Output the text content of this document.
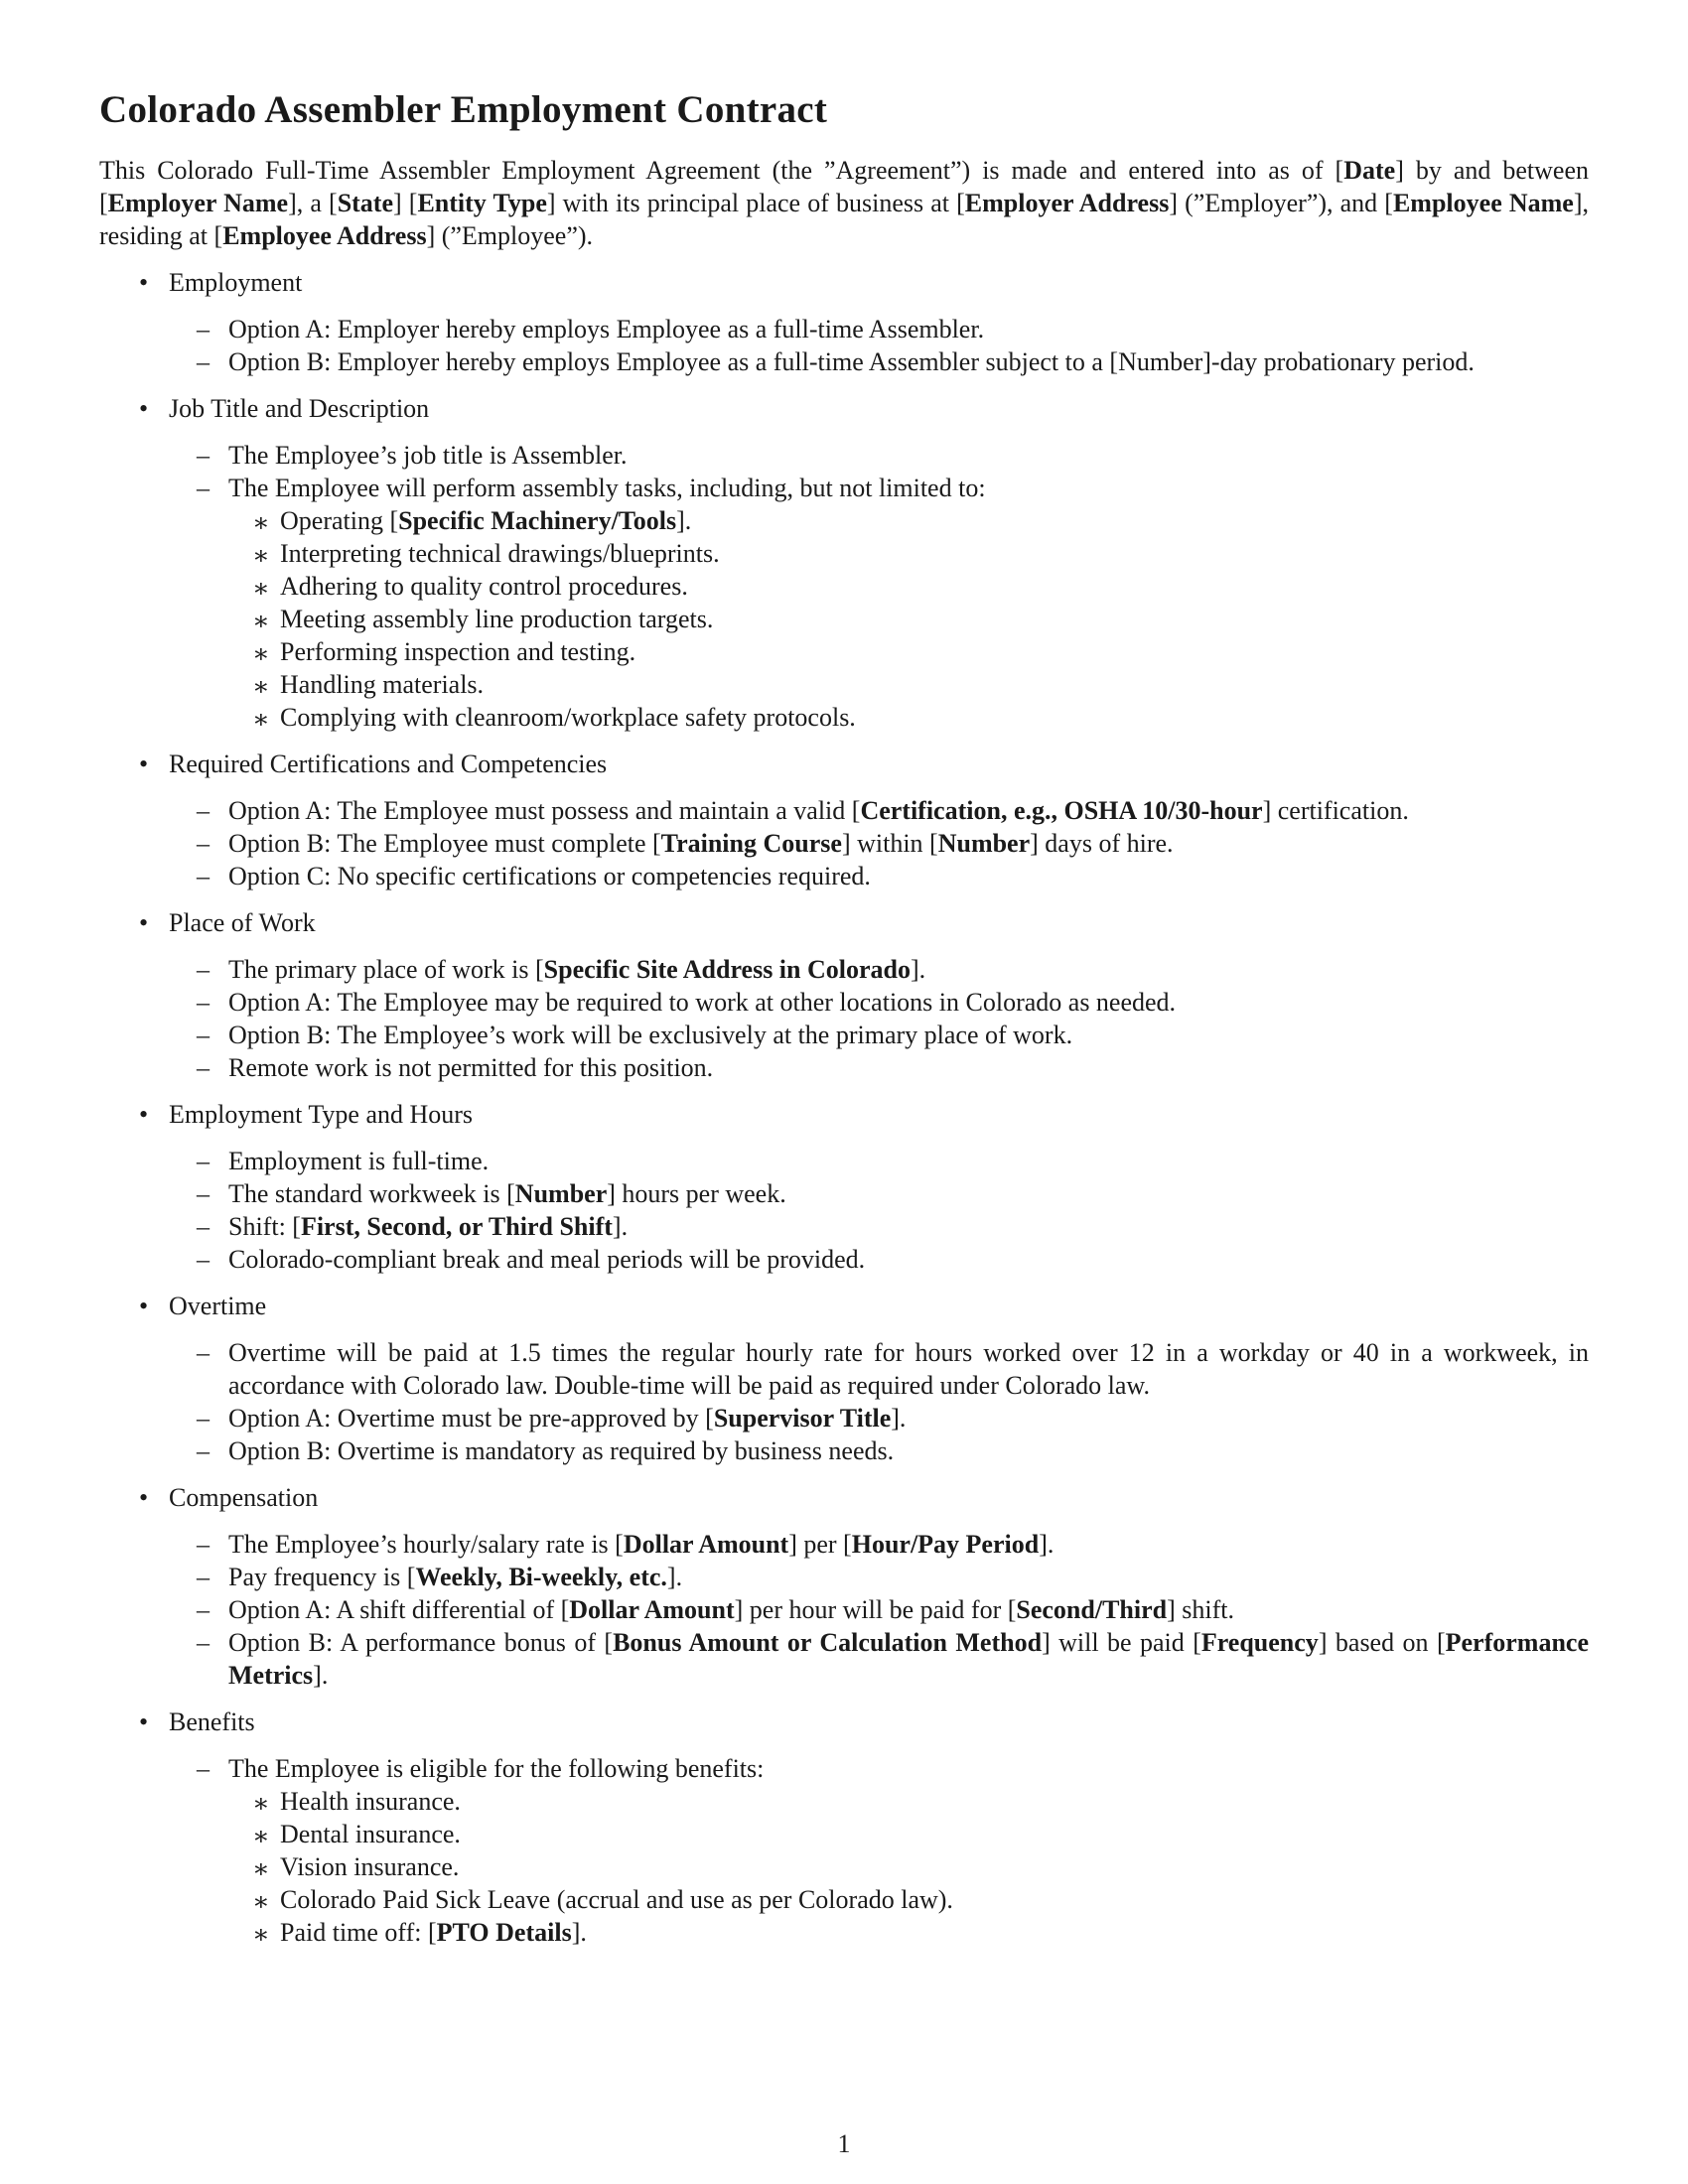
Colorado Assembler Employment Contract

This Colorado Full-Time Assembler Employment Agreement (the ”Agreement”) is made and entered into as of [Date] by and between [Employer Name], a [State] [Entity Type] with its principal place of business at [Employer Address] (”Employer”), and [Employee Name], residing at [Employee Address] (”Employee”).

• Employment
– Option A: Employer hereby employs Employee as a full-time Assembler.
– Option B: Employer hereby employs Employee as a full-time Assembler subject to a [Number]-day probationary period.
• Job Title and Description
– The Employee’s job title is Assembler.
– The Employee will perform assembly tasks, including, but not limited to:
∗ Operating [Specific Machinery/Tools].
∗ Interpreting technical drawings/blueprints.
∗ Adhering to quality control procedures.
∗ Meeting assembly line production targets.
∗ Performing inspection and testing.
∗ Handling materials.
∗ Complying with cleanroom/workplace safety protocols.
• Required Certifications and Competencies
– Option A: The Employee must possess and maintain a valid [Certification, e.g., OSHA 10/30-hour] certification.
– Option B: The Employee must complete [Training Course] within [Number] days of hire.
– Option C: No specific certifications or competencies required.
• Place of Work
– The primary place of work is [Specific Site Address in Colorado].
– Option A: The Employee may be required to work at other locations in Colorado as needed.
– Option B: The Employee’s work will be exclusively at the primary place of work.
– Remote work is not permitted for this position.
• Employment Type and Hours
– Employment is full-time.
– The standard workweek is [Number] hours per week.
– Shift: [First, Second, or Third Shift].
– Colorado-compliant break and meal periods will be provided.
• Overtime
– Overtime will be paid at 1.5 times the regular hourly rate for hours worked over 12 in a workday or 40 in a workweek, in accordance with Colorado law. Double-time will be paid as required under Colorado law.
– Option A: Overtime must be pre-approved by [Supervisor Title].
– Option B: Overtime is mandatory as required by business needs.
• Compensation
– The Employee’s hourly/salary rate is [Dollar Amount] per [Hour/Pay Period].
– Pay frequency is [Weekly, Bi-weekly, etc.].
– Option A: A shift differential of [Dollar Amount] per hour will be paid for [Second/Third] shift.
– Option B: A performance bonus of [Bonus Amount or Calculation Method] will be paid [Frequency] based on [Performance Metrics].
• Benefits
– The Employee is eligible for the following benefits:
∗ Health insurance.
∗ Dental insurance.
∗ Vision insurance.
∗ Colorado Paid Sick Leave (accrual and use as per Colorado law).
∗ Paid time off: [PTO Details].
1
